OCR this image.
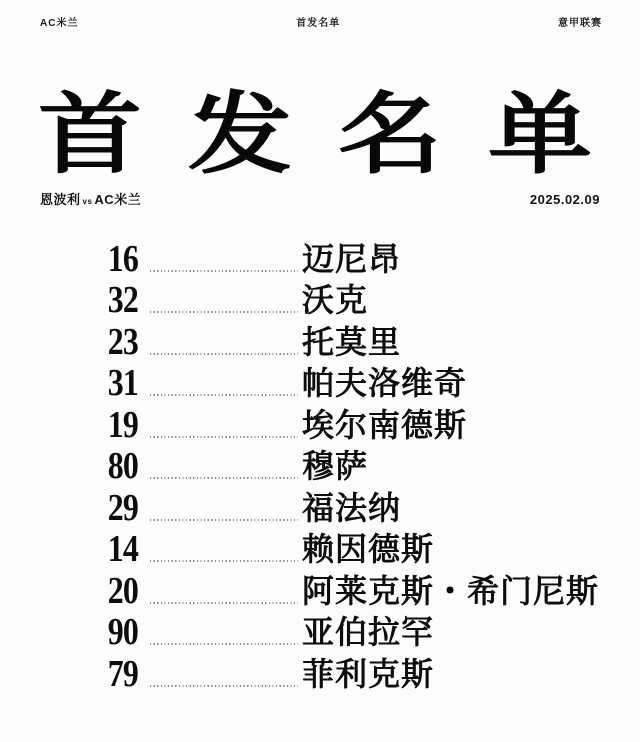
AC米兰	首发名单	意甲联赛
首发名单
恩波利 vs AC米兰	2025.02.09
16	迈尼昂
32	沃克
23	托莫里
31	帕夫洛维奇
19	埃尔南德斯
80	穆萨
29	福法纳
14	赖因德斯
20	阿莱克斯・希门尼斯
90	亚伯拉罕
79	菲利克斯
